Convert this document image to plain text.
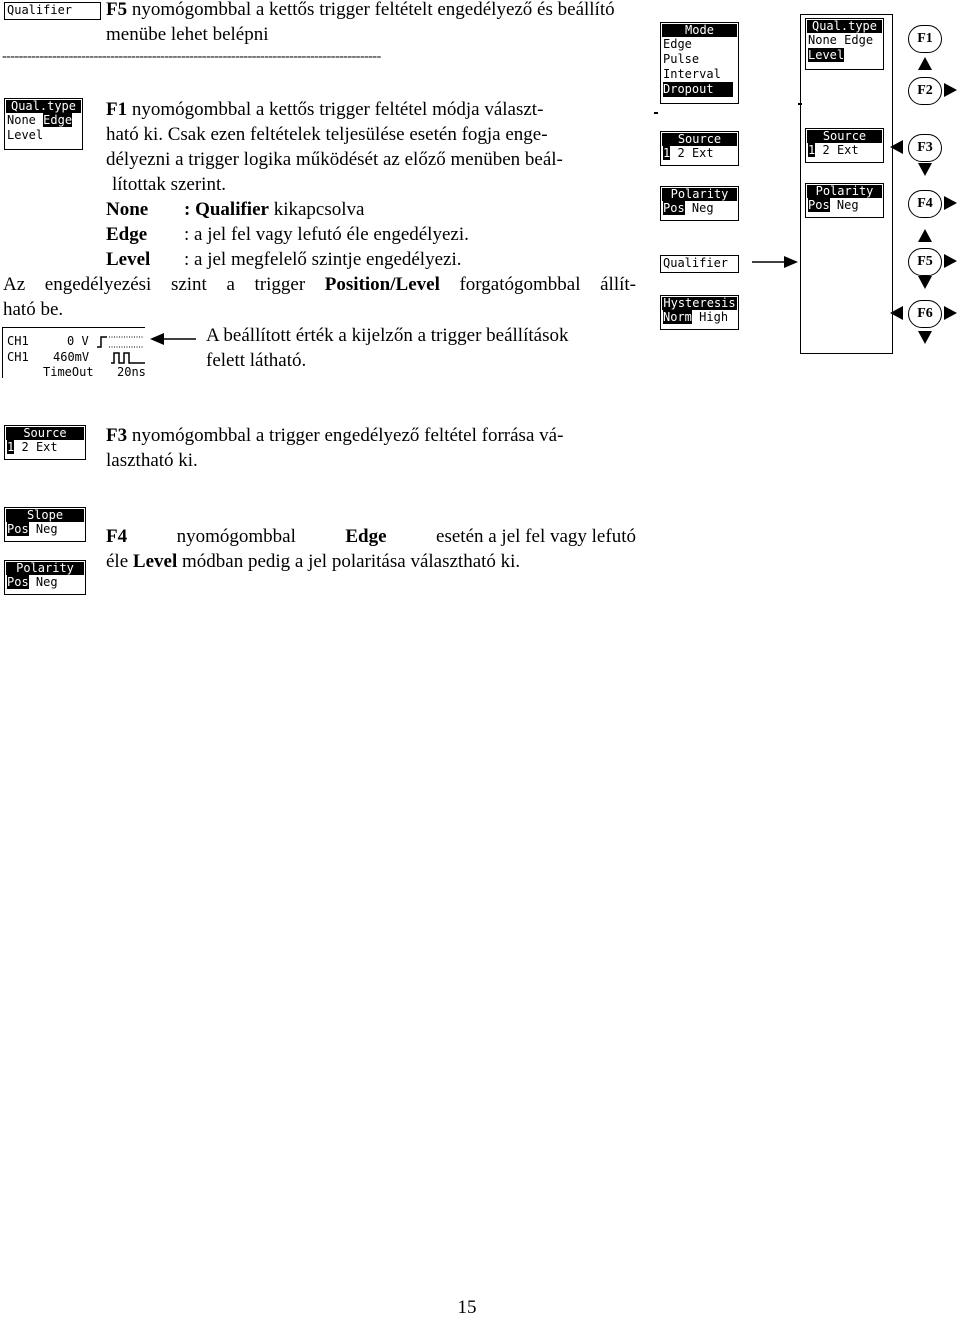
Qualifier	F5 nyomógombbal a kettős trigger feltételt engedélyező és beállító menübe lehet belépni
-------------------------------------------------------------------------------------------
Qual.type
None Edge
Level
F1 nyomógombbal a kettős trigger feltétel módja választ-
ható ki. Csak ezen feltételek teljesülése esetén fogja enge-
délyezni a trigger logika működését az előző menüben beál-
lítottak szerint.
None : Qualifier kikapcsolva
Edge : a jel fel vagy lefutó éle engedélyezi.
Level : a jel megfelelő szintje engedélyezi.
Az engedélyezési szint a trigger Position/Level forgatógombbal állít-
ható be.
CH1	0 V
CH1 460mV
TimeOut 20ns
A beállított érték a kijelzőn a trigger beállítások
felett látható.
Mode
Edge
Pulse
Interval
Dropout
Source
1 2 Ext
Polarity
Pos Neg
Qualifier
Hysteresis
Norm High
Qual.type
None Edge
Level
Source
1 2 Ext
Polarity
Pos Neg
F1
F2
F3
F4
F5
F6
Source
1 2 Ext
F3 nyomógombbal a trigger engedélyező feltétel forrása vá-
lasztható ki.
Slope
Pos Neg
Polarity
Pos Neg
F4	nyomógombbal	Edge	esetén a jel fel vagy lefutó
éle Level módban pedig a jel polaritása választható ki.
15
